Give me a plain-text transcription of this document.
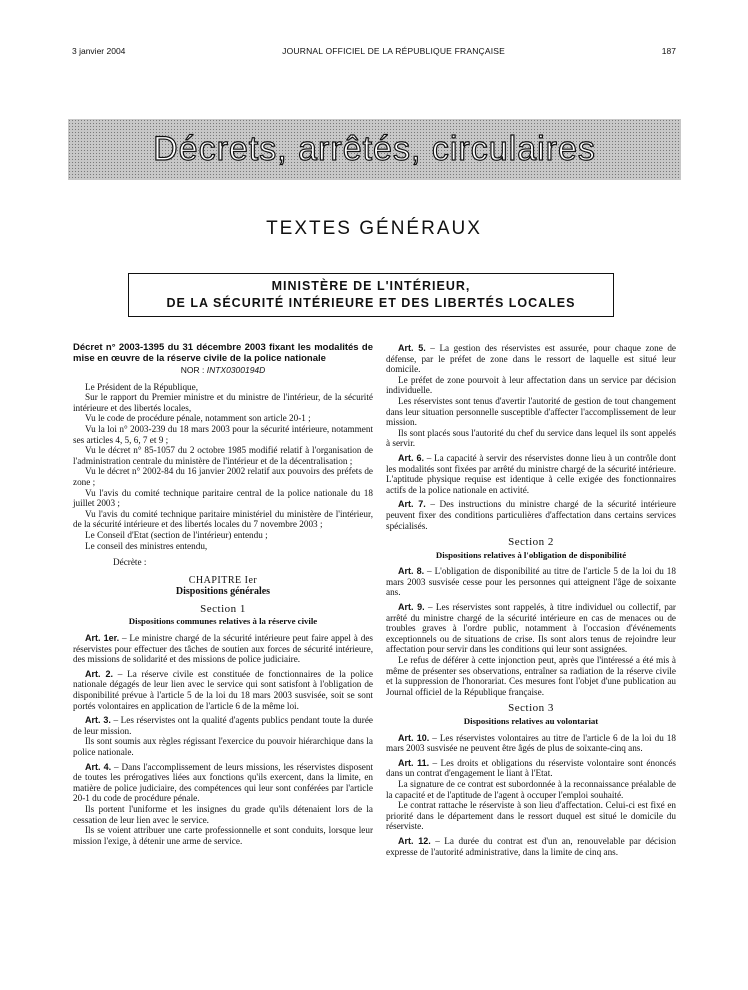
3 janvier 2004	JOURNAL OFFICIEL DE LA RÉPUBLIQUE FRANÇAISE	187
Décrets, arrêtés, circulaires
TEXTES GÉNÉRAUX
MINISTÈRE DE L'INTÉRIEUR,
DE LA SÉCURITÉ INTÉRIEURE ET DES LIBERTÉS LOCALES

Décret n° 2003-1395 du 31 décembre 2003 fixant les modalités de mise en œuvre de la réserve civile de la police nationale

NOR : INTX0300194D

Le Président de la République,

Sur le rapport du Premier ministre et du ministre de l'intérieur, de la sécurité intérieure et des libertés locales,

Vu le code de procédure pénale, notamment son article 20-1 ;

Vu la loi n° 2003-239 du 18 mars 2003 pour la sécurité intérieure, notamment ses articles 4, 5, 6, 7 et 9 ;

Vu le décret n° 85-1057 du 2 octobre 1985 modifié relatif à l'organisation de l'administration centrale du ministère de l'intérieur et de la décentralisation ;

Vu le décret n° 2002-84 du 16 janvier 2002 relatif aux pouvoirs des préfets de zone ;

Vu l'avis du comité technique paritaire central de la police nationale du 18 juillet 2003 ;

Vu l'avis du comité technique paritaire ministériel du ministère de l'intérieur, de la sécurité intérieure et des libertés locales du 7 novembre 2003 ;

Le Conseil d'Etat (section de l'intérieur) entendu ;

Le conseil des ministres entendu,

Décrète :

CHAPITRE Ier
Dispositions générales
Section 1
Dispositions communes relatives à la réserve civile

Art. 1er. – Le ministre chargé de la sécurité intérieure peut faire appel à des réservistes pour effectuer des tâches de soutien aux forces de sécurité intérieure, des missions de solidarité et des missions de police judiciaire.

Art. 2. – La réserve civile est constituée de fonctionnaires de la police nationale dégagés de leur lien avec le service qui sont satisfont à l'obligation de disponibilité prévue à l'article 5 de la loi du 18 mars 2003 susvisée, soit se sont portés volontaires en application de l'article 6 de la même loi.

Art. 3. – Les réservistes ont la qualité d'agents publics pendant toute la durée de leur mission.

Ils sont soumis aux règles régissant l'exercice du pouvoir hiérarchique dans la police nationale.

Art. 4. – Dans l'accomplissement de leurs missions, les réservistes disposent de toutes les prérogatives liées aux fonctions qu'ils exercent, dans la limite, en matière de police judiciaire, des compétences qui leur sont conférées par l'article 20-1 du code de procédure pénale.

Ils portent l'uniforme et les insignes du grade qu'ils détenaient lors de la cessation de leur lien avec le service.

Ils se voient attribuer une carte professionnelle et sont conduits, lorsque leur mission l'exige, à détenir une arme de service.

Art. 5. – La gestion des réservistes est assurée, pour chaque zone de défense, par le préfet de zone dans le ressort de laquelle est situé leur domicile.

Le préfet de zone pourvoit à leur affectation dans un service par décision individuelle.

Les réservistes sont tenus d'avertir l'autorité de gestion de tout changement dans leur situation personnelle susceptible d'affecter l'accomplissement de leur mission.

Ils sont placés sous l'autorité du chef du service dans lequel ils sont appelés à servir.

Art. 6. – La capacité à servir des réservistes donne lieu à un contrôle dont les modalités sont fixées par arrêté du ministre chargé de la sécurité intérieure. L'aptitude physique requise est identique à celle exigée des fonctionnaires actifs de la police nationale en activité.

Art. 7. – Des instructions du ministre chargé de la sécurité intérieure peuvent fixer des conditions particulières d'affectation dans certains services spécialisés.

Section 2
Dispositions relatives à l'obligation de disponibilité

Art. 8. – L'obligation de disponibilité au titre de l'article 5 de la loi du 18 mars 2003 susvisée cesse pour les personnes qui atteignent l'âge de soixante ans.

Art. 9. – Les réservistes sont rappelés, à titre individuel ou collectif, par arrêté du ministre chargé de la sécurité intérieure en cas de menaces ou de troubles graves à l'ordre public, notamment à l'occasion d'événements exceptionnels ou de situations de crise. Ils sont alors tenus de rejoindre leur affectation pour servir dans les conditions qui leur sont assignées.

Le refus de déférer à cette injonction peut, après que l'intéressé a été mis à même de présenter ses observations, entraîner sa radiation de la réserve civile et la suppression de l'honorariat. Ces mesures font l'objet d'une publication au Journal officiel de la République française.

Section 3
Dispositions relatives au volontariat

Art. 10. – Les réservistes volontaires au titre de l'article 6 de la loi du 18 mars 2003 susvisée ne peuvent être âgés de plus de soixante-cinq ans.

Art. 11. – Les droits et obligations du réserviste volontaire sont énoncés dans un contrat d'engagement le liant à l'Etat.

La signature de ce contrat est subordonnée à la reconnaissance préalable de la capacité et de l'aptitude de l'agent à occuper l'emploi souhaité.

Le contrat rattache le réserviste à son lieu d'affectation. Celui-ci est fixé en priorité dans le département dans le ressort duquel est situé le domicile du réserviste.

Art. 12. – La durée du contrat est d'un an, renouvelable par décision expresse de l'autorité administrative, dans la limite de cinq ans.
